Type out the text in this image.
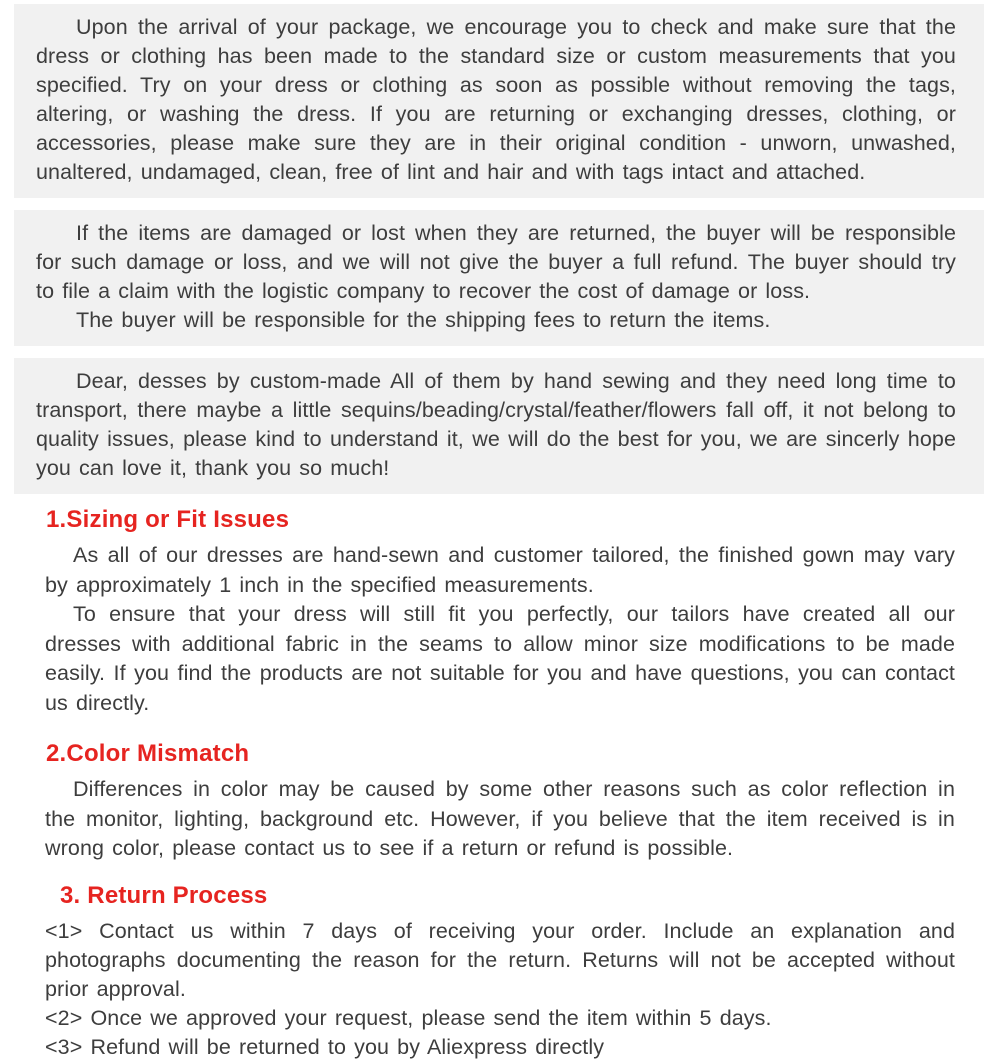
Upon the arrival of your package, we encourage you to check and make sure that the dress or clothing has been made to the standard size or custom measurements that you specified. Try on your dress or clothing as soon as possible without removing the tags, altering, or washing the dress. If you are returning or exchanging dresses, clothing, or accessories, please make sure they are in their original condition - unworn, unwashed, unaltered, undamaged, clean, free of lint and hair and with tags intact and attached.

If the items are damaged or lost when they are returned, the buyer will be responsible for such damage or loss, and we will not give the buyer a full refund. The buyer should try to file a claim with the logistic company to recover the cost of damage or loss.

The buyer will be responsible for the shipping fees to return the items.

Dear, desses by custom-made All of them by hand sewing and they need long time to transport, there maybe a little sequins/beading/crystal/feather/flowers fall off, it not belong to quality issues, please kind to understand it, we will do the best for you, we are sincerly hope you can love it, thank you so much!

1.Sizing or Fit Issues

As all of our dresses are hand-sewn and customer tailored, the finished gown may vary by approximately 1 inch in the specified measurements.

To ensure that your dress will still fit you perfectly, our tailors have created all our dresses with additional fabric in the seams to allow minor size modifications to be made easily. If you find the products are not suitable for you and have questions, you can contact us directly.

2.Color Mismatch

Differences in color may be caused by some other reasons such as color reflection in the monitor, lighting, background etc. However, if you believe that the item received is in wrong color, please contact us to see if a return or refund is possible.

3. Return Process

<1> Contact us within 7 days of receiving your order. Include an explanation and photographs documenting the reason for the return. Returns will not be accepted without prior approval.

<2> Once we approved your request, please send the item within 5 days.

<3> Refund will be returned to you by Aliexpress directly
